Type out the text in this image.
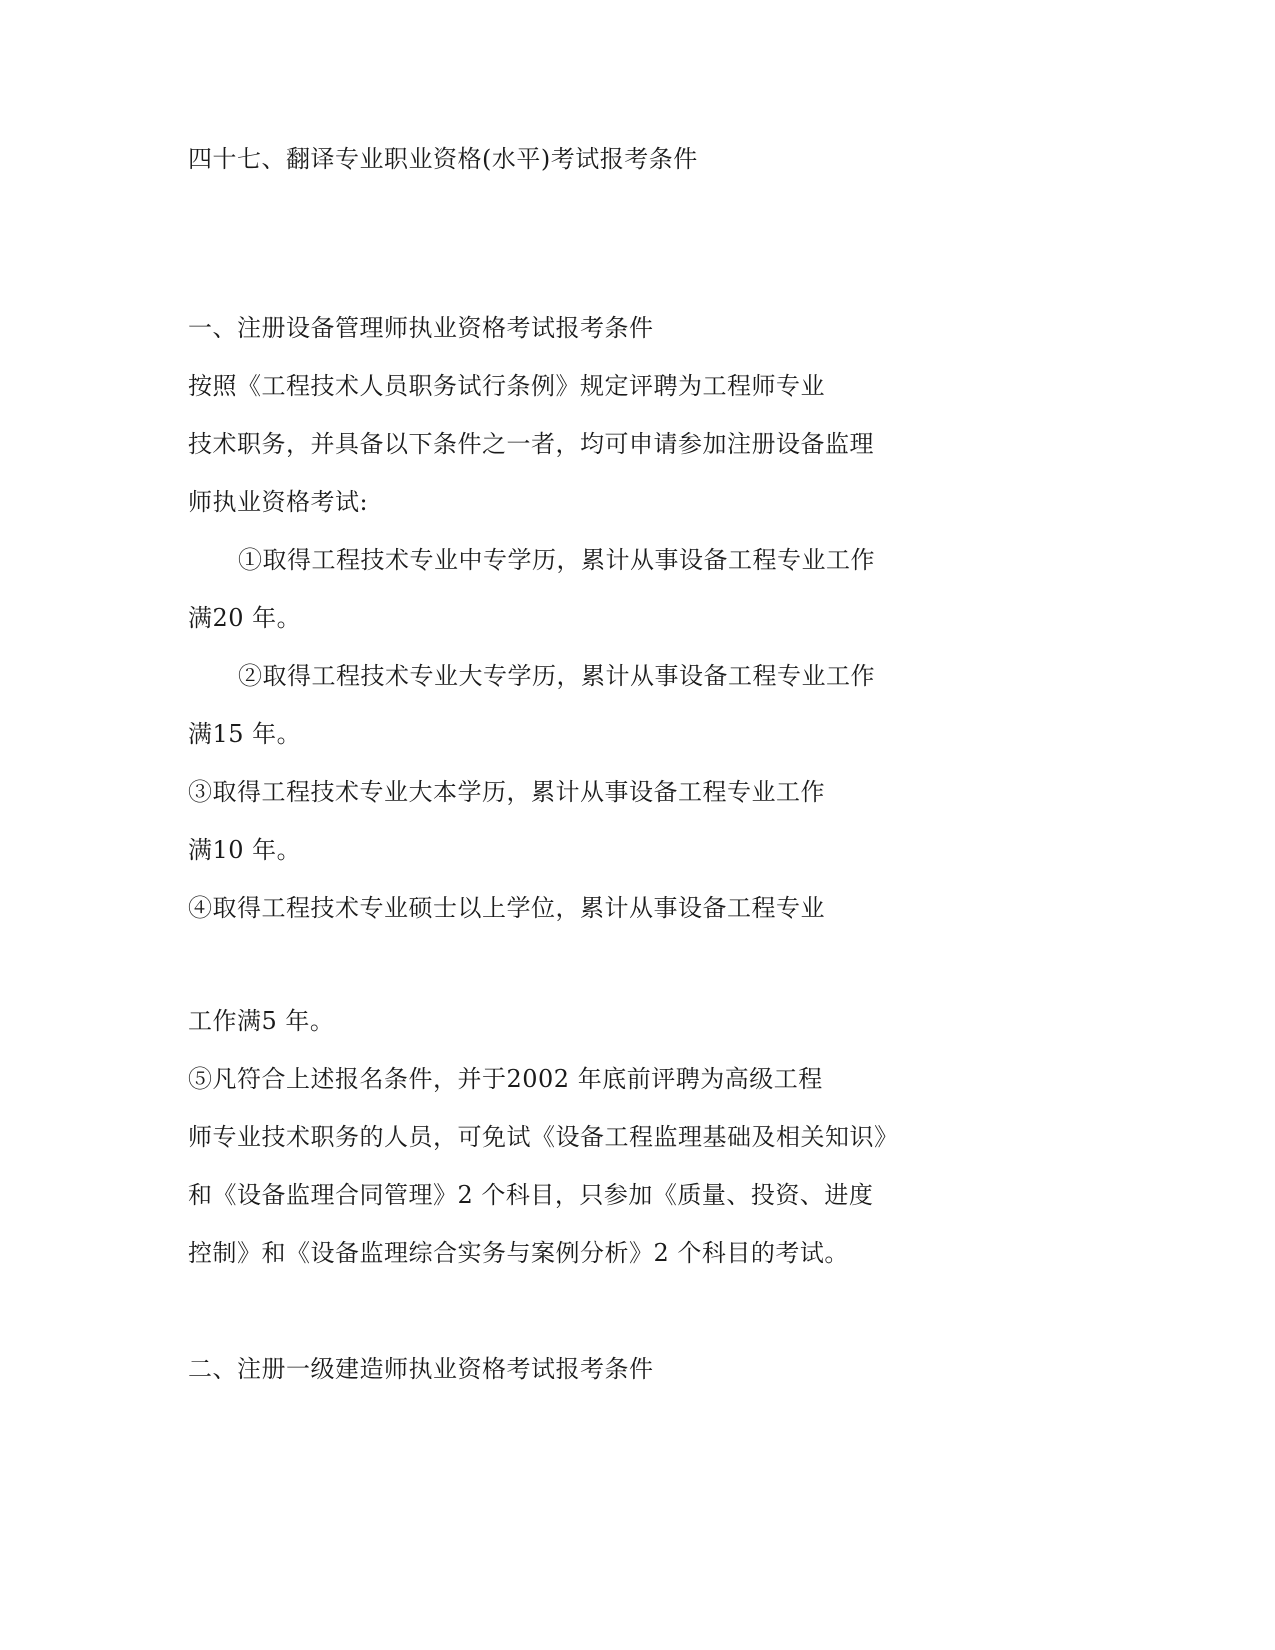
四十七、翻译专业职业资格(水平)考试报考条件

一、注册设备管理师执业资格考试报考条件

按照《工程技术人员职务试行条例》规定评聘为工程师专业

技术职务，并具备以下条件之一者，均可申请参加注册设备监理

师执业资格考试:

①取得工程技术专业中专学历，累计从事设备工程专业工作

满20 年。

②取得工程技术专业大专学历，累计从事设备工程专业工作

满15 年。

③取得工程技术专业大本学历，累计从事设备工程专业工作

满10 年。

④取得工程技术专业硕士以上学位，累计从事设备工程专业

工作满5 年。

⑤凡符合上述报名条件，并于2002 年底前评聘为高级工程

师专业技术职务的人员，可免试《设备工程监理基础及相关知识》

和《设备监理合同管理》2 个科目，只参加《质量、投资、进度

控制》和《设备监理综合实务与案例分析》2 个科目的考试。

二、注册一级建造师执业资格考试报考条件
